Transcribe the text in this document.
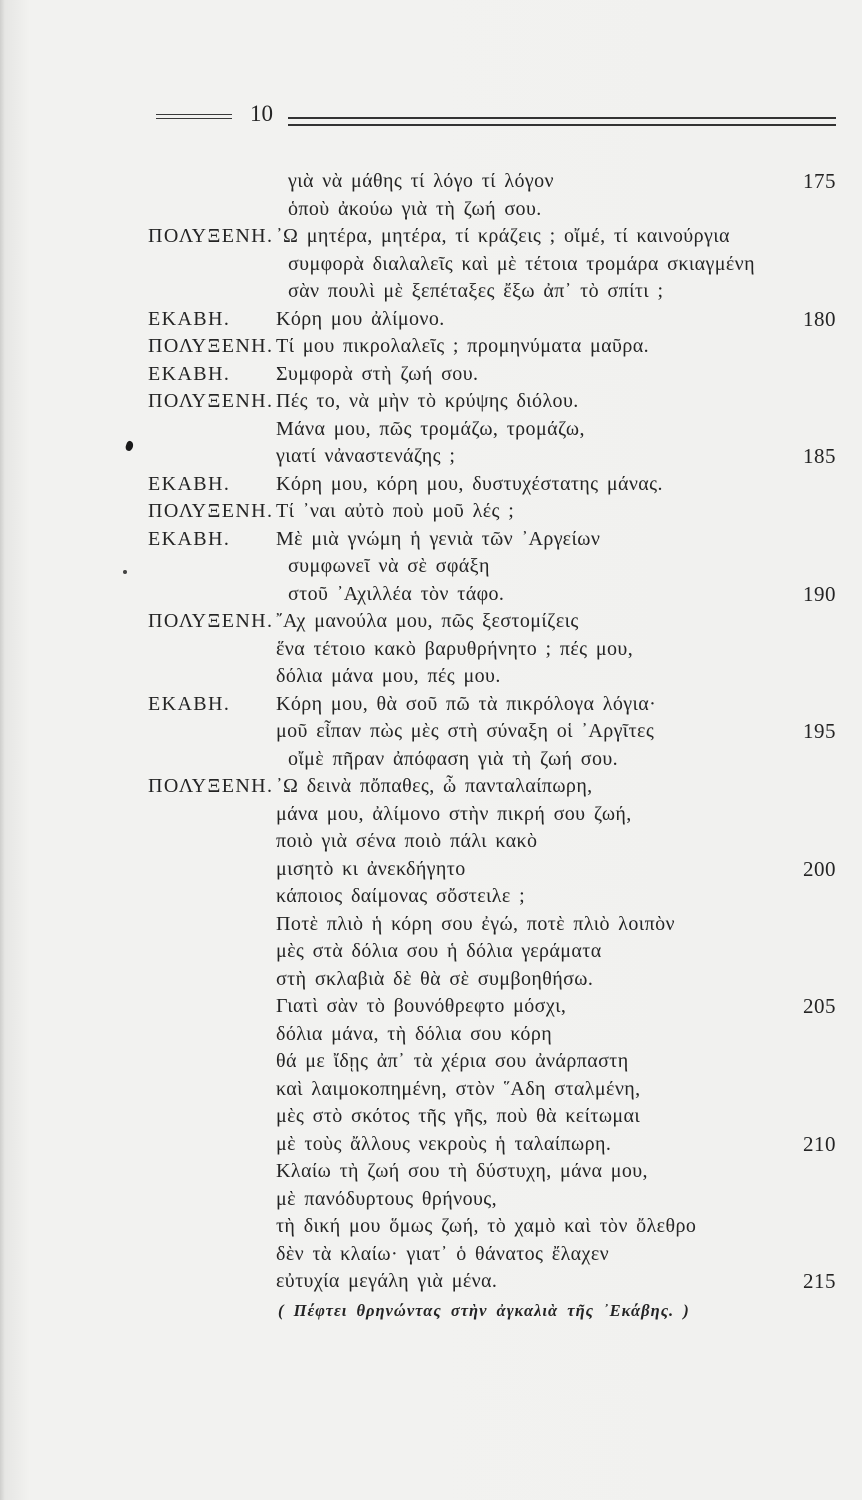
10
γιὰ νὰ μάθης τί λόγο τί λόγον	175
ὁποὺ ἀκούω γιὰ τὴ ζωή σου.
ΠΟΛΥΞΕΝΗ. ᾽Ω μητέρα, μητέρα, τί κράζεις ; οἴμέ, τί καινούργια
συμφορὰ διαλαλεῖς καὶ μὲ τέτοια τρομάρα σκιαγμένη
σὰν πουλὶ μὲ ξεπέταξες ἔξω ἀπ᾽ τὸ σπίτι ;
ΕΚΑΒΗ. Κόρη μου ἀλίμονο.	180
ΠΟΛΥΞΕΝΗ. Τί μου πικρολαλεῖς ; προμηνύματα μαῦρα.
ΕΚΑΒΗ. Συμφορὰ στὴ ζωή σου.
ΠΟΛΥΞΕΝΗ. Πές το, νὰ μὴν τὸ κρύψης διόλου.
Μάνα μου, πῶς τρομάζω, τρομάζω,
γιατί νἀναστενάζης ;	185
ΕΚΑΒΗ. Κόρη μου, κόρη μου, δυστυχέστατης μάνας.
ΠΟΛΥΞΕΝΗ. Τί ᾽ναι αὐτὸ ποὺ μοῦ λές ;
ΕΚΑΒΗ. Μὲ μιὰ γνώμη ἡ γενιὰ τῶν ᾿Αργείων
συμφωνεῖ νὰ σὲ σφάξη
στοῦ ᾿Αχιλλέα τὸν τάφο.	190
ΠΟΛΥΞΕΝΗ. ῎Αχ μανούλα μου, πῶς ξεστομίζεις
ἕνα τέτοιο κακὸ βαρυθρήνητο ; πές μου,
δόλια μάνα μου, πές μου.
ΕΚΑΒΗ. Κόρη μου, θὰ σοῦ πῶ τὰ πικρόλογα λόγια·
μοῦ εἶπαν πὼς μὲς στὴ σύναξη οἱ ᾿Αργῖτες	195
οἴμὲ πῆραν ἀπόφαση γιὰ τὴ ζωή σου.
ΠΟΛΥΞΕΝΗ. ᾽Ω δεινὰ πὄπαθες, ὦ πανταλαίπωρη,
μάνα μου, ἀλίμονο στὴν πικρή σου ζωή,
ποιὸ γιὰ σένα ποιὸ πάλι κακὸ
μισητὸ κι ἀνεκδήγητο	200
κάποιος δαίμονας σὄστειλε ;
Ποτὲ πλιὸ ἡ κόρη σου ἐγώ, ποτὲ πλιὸ λοιπὸν
μὲς στὰ δόλια σου ἡ δόλια γεράματα
στὴ σκλαβιὰ δὲ θὰ σὲ συμβοηθήσω.
Γιατὶ σὰν τὸ βουνόθρεφτο μόσχι,	205
δόλια μάνα, τὴ δόλια σου κόρη
θά με ἴδῃς ἀπ᾽ τὰ χέρια σου ἀνάρπαστη
καὶ λαιμοκοπημένη, στὸν ῞Αδη σταλμένη,
μὲς στὸ σκότος τῆς γῆς, ποὺ θὰ κείτωμαι
μὲ τοὺς ἄλλους νεκροὺς ἡ ταλαίπωρη.	210
Κλαίω τὴ ζωή σου τὴ δύστυχη, μάνα μου,
μὲ πανόδυρτους θρήνους,
τὴ δική μου ὅμως ζωή, τὸ χαμὸ καὶ τὸν ὄλεθρο
δὲν τὰ κλαίω· γιατ᾽ ὁ θάνατος ἔλαχεν
εὐτυχία μεγάλη γιὰ μένα.	215
( Πέφτει θρηνώντας στὴν ἀγκαλιὰ τῆς ᾿Εκάβης. )
